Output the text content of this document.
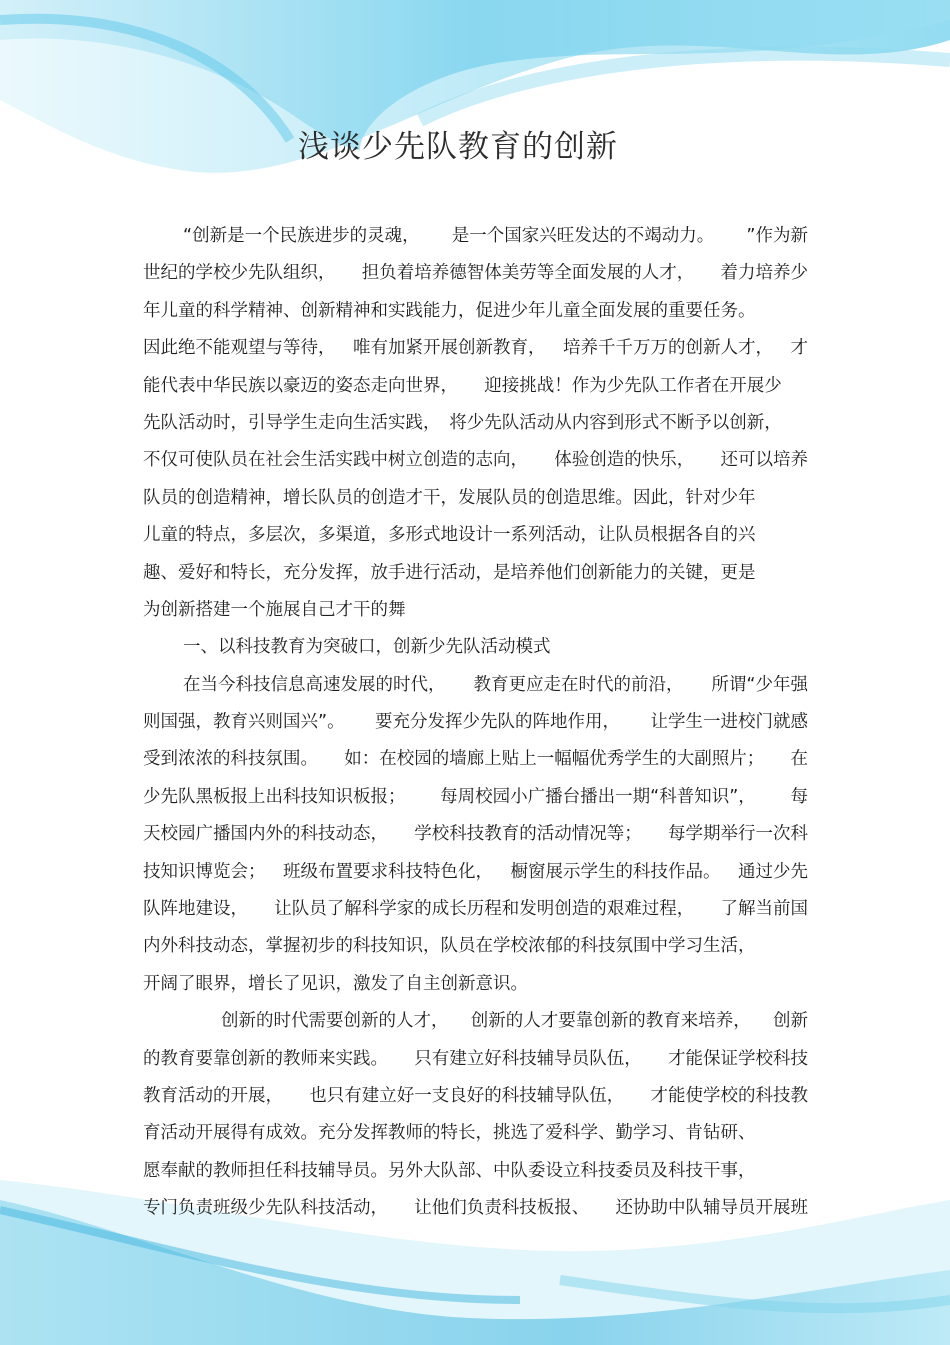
浅谈少先队教育的创新
“创新是一个民族进步的灵魂， 是一个国家兴旺发达的不竭动力。 ”作为新
世纪的学校少先队组织， 担负着培养德智体美劳等全面发展的人才， 着力培养少
年儿童的科学精神、创新精神和实践能力，促进少年儿童全面发展的重要任务。
因此绝不能观望与等待， 唯有加紧开展创新教育， 培养千千万万的创新人才， 才
能代表中华民族以豪迈的姿态走向世界，　　迎接挑战！作为少先队工作者在开展少
先队活动时，引导学生走向生活实践，　将少先队活动从内容到形式不断予以创新，
不仅可使队员在社会生活实践中树立创造的志向， 体验创造的快乐， 还可以培养
队员的创造精神，增长队员的创造才干，发展队员的创造思维。因此，针对少年
儿童的特点，多层次，多渠道，多形式地设计一系列活动，让队员根据各自的兴
趣、爱好和特长，充分发挥，放手进行活动，是培养他们创新能力的关键，更是
为创新搭建一个施展自己才干的舞
一、以科技教育为突破口，创新少先队活动模式
在当今科技信息高速发展的时代， 教育更应走在时代的前沿， 所谓“少年强
则国强，教育兴则国兴”。 要充分发挥少先队的阵地作用， 让学生一进校门就感
受到浓浓的科技氛围。 如：在校园的墙廊上贴上一幅幅优秀学生的大副照片； 在
少先队黑板报上出科技知识板报； 每周校园小广播台播出一期“科普知识”， 每
天校园广播国内外的科技动态， 学校科技教育的活动情况等； 每学期举行一次科
技知识博览会； 班级布置要求科技特色化， 橱窗展示学生的科技作品。 通过少先
队阵地建设， 让队员了解科学家的成长历程和发明创造的艰难过程， 了解当前国
内外科技动态，掌握初步的科技知识，队员在学校浓郁的科技氛围中学习生活，
开阔了眼界，增长了见识，激发了自主创新意识。
创新的时代需要创新的人才， 创新的人才要靠创新的教育来培养， 创新
的教育要靠创新的教师来实践。 只有建立好科技辅导员队伍， 才能保证学校科技
教育活动的开展， 也只有建立好一支良好的科技辅导队伍， 才能使学校的科技教
育活动开展得有成效。充分发挥教师的特长，挑选了爱科学、勤学习、肯钻研、
愿奉献的教师担任科技辅导员。另外大队部、中队委设立科技委员及科技干事，
专门负责班级少先队科技活动， 让他们负责科技板报、 还协助中队辅导员开展班
